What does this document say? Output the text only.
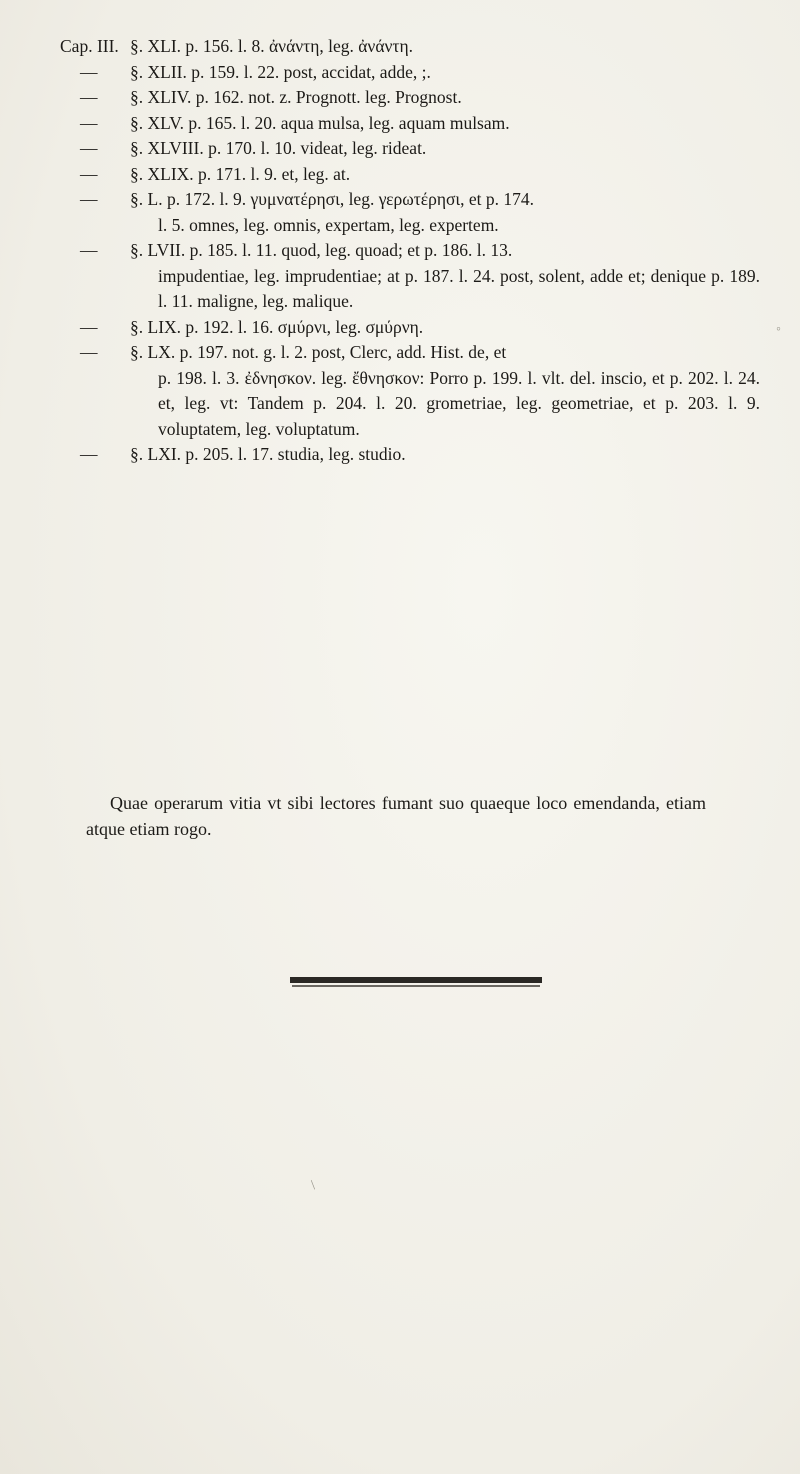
Cap. III. §. XLI. p. 156. l. 8. ἀνάντη, leg. ἀνάντη.
— §. XLII. p. 159. l. 22. post, accidat, adde, ;.
— §. XLIV. p. 162. not. z. Prognott. leg. Prognost.
— §. XLV. p. 165. l. 20. aqua mulsa, leg. aquam mulsam.
— §. XLVIII. p. 170. l. 10. videat, leg. rideat.
— §. XLIX. p. 171. l. 9. et, leg. at.
— §. L. p. 172. l. 9. γυμνατέρησι, leg. γερωτέρησι, et p. 174.
l. 5. omnes, leg. omnis, expertam, leg. expertem.
— §. LVII. p. 185. l. 11. quod, leg. quoad; et p. 186. l. 13.
impudentiae, leg. imprudentiae; at p. 187. l. 24. post, solent, adde et; denique p. 189. l. 11. maligne, leg. malique.
— §. LIX. p. 192. l. 16. σμύρνι, leg. σμύρνη.
— §. LX. p. 197. not. g. l. 2. post, Clerc, add. Hist. de, et
p. 198. l. 3. ἐδνησκον. leg. ἔθνησκον: Porro p. 199. l. vlt. del. inscio, et p. 202. l. 24. et, leg. vt: Tandem p. 204. l. 20. grometriae, leg. geometriae, et p. 203. l. 9. voluptatem, leg. voluptatum.
— §. LXI. p. 205. l. 17. studia, leg. studio.

Quae operarum vitia vt sibi lectores fumant suo quaeque loco emendanda, etiam atque etiam rogo.

◦
/
